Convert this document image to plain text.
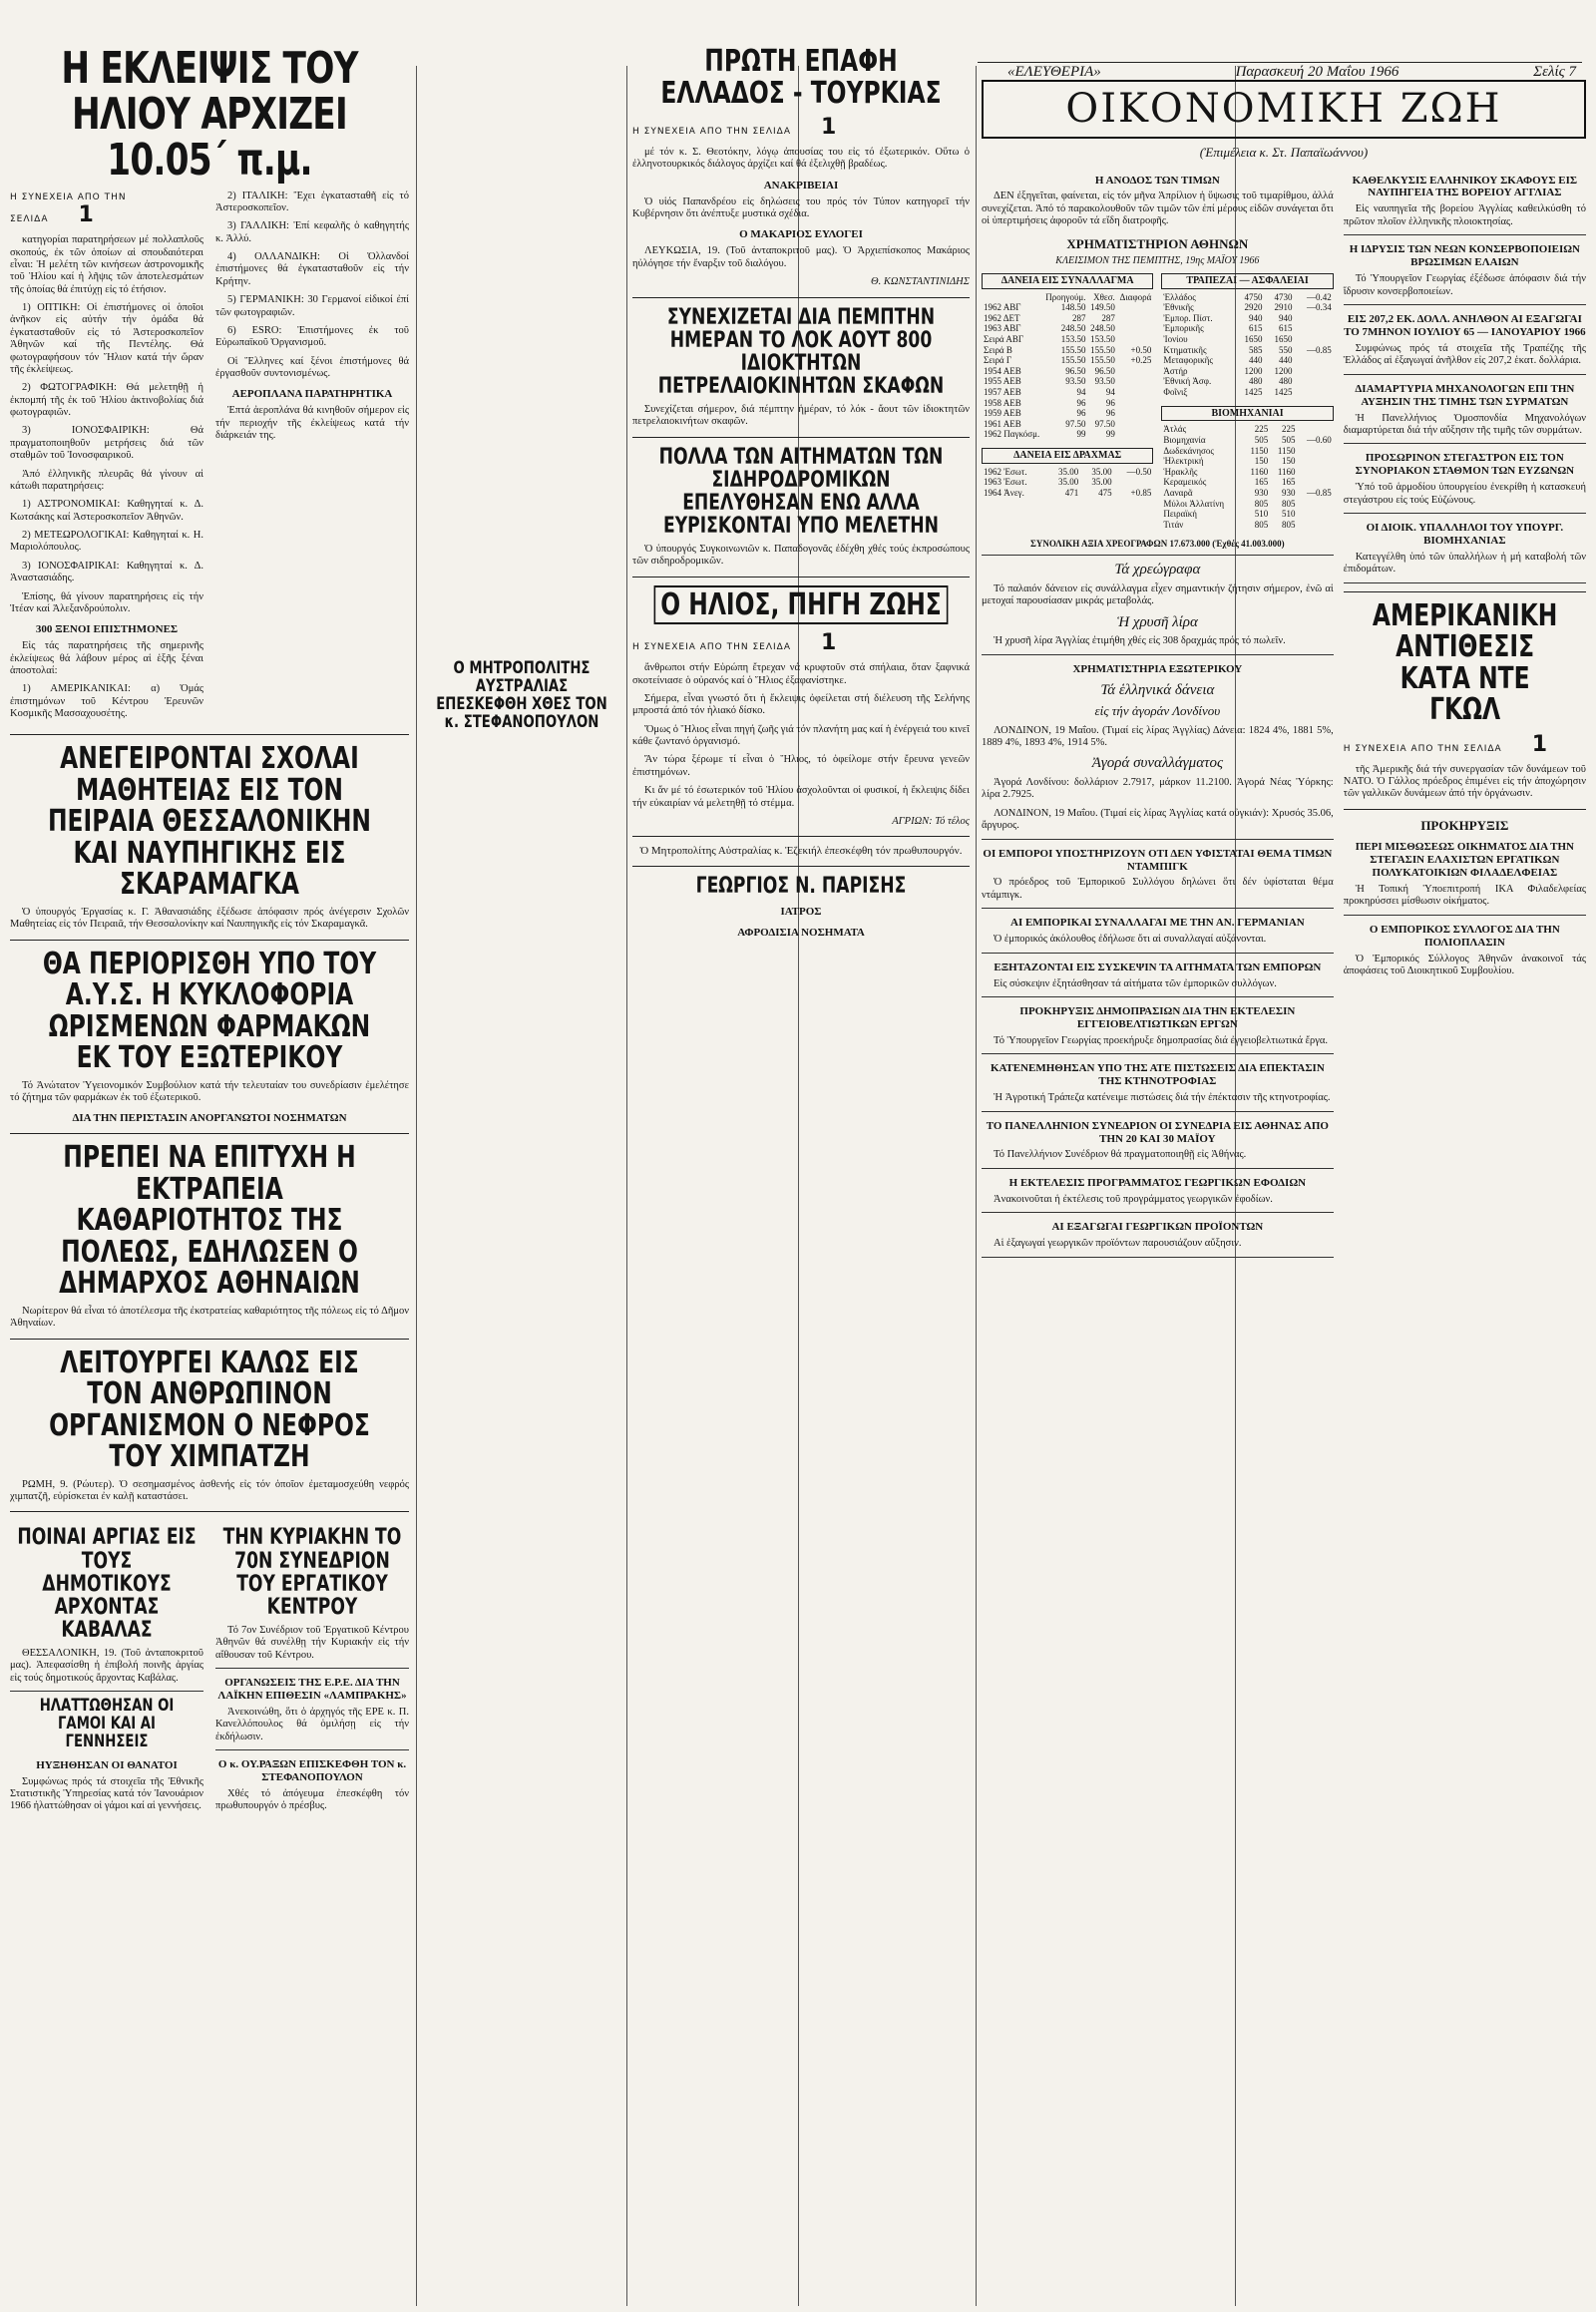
«ΕΛΕΥΘΕΡΙΑ»	Παρασκευή 20 Μαΐου 1966	Σελίς 7
Η ΕΚΛΕΙΨΙΣ ΤΟΥ ΗΛΙΟΥ ΑΡΧΙΖΕΙ 10.05΄ π.μ.
Η ΣΥΝΕΧΕΙΑ ΑΠΟ ΤΗΝ ΣΕΛΙΔΑ 1

κατηγορίαι παρατηρήσεων μέ πολλαπλοῦς σκοπούς, ἐκ τῶν ὁποίων αἱ σπουδαιότεραι εἶναι: Ἡ μελέτη τῶν κινήσεων ἀστρονομικῆς τοῦ Ἡλίου καί ἡ λῆψις τῶν ἀποτελεσμάτων τῆς ὁποίας θά ἐπιτύχῃ εἰς τό ἐτήσιον.

1) ΟΠΤΙΚΗ: Οἱ ἐπιστήμονες οἱ ὁποῖοι ἀνῆκον εἰς αὐτήν τήν ὁμάδα θά ἐγκατασταθοῦν εἰς τό Ἀστεροσκοπεῖον Ἀθηνῶν καί τῆς Πεντέλης. Θά φωτογραφήσουν τόν Ἥλιον κατά τήν ὥραν τῆς ἐκλείψεως.

2) ΦΩΤΟΓΡΑΦΙΚΗ: Θά μελετηθῇ ἡ ἐκπομπή τῆς ἐκ τοῦ Ἡλίου ἀκτινοβολίας διά φωτογραφιῶν.

3) ΙΟΝΟΣΦΑΙΡΙΚΗ: Θά πραγματοποιηθοῦν μετρήσεις διά τῶν σταθμῶν τοῦ Ἰονοσφαιρικοῦ.

Ἀπό ἐλληνικῆς πλευρᾶς θά γίνουν αἱ κάτωθι παρατηρήσεις:

1) ΑΣΤΡΟΝΟΜΙΚΑΙ: Καθηγηταί κ. Δ. Κωτσάκης καί Ἀστεροσκοπεῖον Ἀθηνῶν.

2) ΜΕΤΕΩΡΟΛΟΓΙΚΑΙ: Καθηγηταί κ. Η. Μαριολόπουλος.

3) ΙΟΝΟΣΦΑΙΡΙΚΑΙ: Καθηγηταί κ. Δ. Ἀναστασιάδης.

Ἐπίσης, θά γίνουν παρατηρήσεις εἰς τήν Ἰτέαν καί Ἀλεξανδρούπολιν.

300 ΞΕΝΟΙ ΕΠΙΣΤΗΜΟΝΕΣ

Εἰς τάς παρατηρήσεις τῆς σημερινῆς ἐκλείψεως θά λάβουν μέρος αἱ ἑξῆς ξέναι ἀποστολαί:

1) ΑΜΕΡΙΚΑΝΙΚΑΙ: α) Ὁμάς ἐπιστημόνων τοῦ Κέντρου Ἐρευνῶν Κοσμικῆς Μασσαχουσέτης.

2) ΙΤΑΛΙΚΗ: Ἔχει ἐγκατασταθῆ εἰς τό Ἀστεροσκοπεῖον.

3) ΓΑΛΛΙΚΗ: Ἐπί κεφαλῆς ὁ καθηγητής κ. Ἀλλύ.

4) ΟΛΛΑΝΔΙΚΗ: Οἱ Ὁλλανδοί ἐπιστήμονες θά ἐγκατασταθοῦν εἰς τήν Κρήτην.

5) ΓΕΡΜΑΝΙΚΗ: 30 Γερμανοί εἰδικοί ἐπί τῶν φωτογραφιῶν.

6) ESRO: Ἐπιστήμονες ἐκ τοῦ Εὐρωπαϊκοῦ Ὀργανισμοῦ.

Οἱ Ἕλληνες καί ξένοι ἐπιστήμονες θά ἐργασθοῦν συντονισμένως.

ΑΕΡΟΠΛΑΝΑ ΠΑΡΑΤΗΡΗΤΙΚΑ

Ἐπτά ἀεροπλάνα θά κινηθοῦν σήμερον εἰς τήν περιοχήν τῆς ἐκλείψεως κατά τήν διάρκειάν της.

ΑΝΕΓΕΙΡΟΝΤΑΙ ΣΧΟΛΑΙ ΜΑΘΗΤΕΙΑΣ ΕΙΣ ΤΟΝ ΠΕΙΡΑΙΑ ΘΕΣΣΑΛΟΝΙΚΗΝ ΚΑΙ ΝΑΥΠΗΓΙΚΗΣ ΕΙΣ ΣΚΑΡΑΜΑΓΚΑ

Ὁ ὑπουργός Ἐργασίας κ. Γ. Ἀθανασιάδης ἐξέδωσε ἀπόφασιν πρός ἀνέγερσιν Σχολῶν Μαθητείας εἰς τόν Πειραιᾶ, τήν Θεσσαλονίκην καί Ναυπηγικῆς εἰς τόν Σκαραμαγκᾶ.

ΘΑ ΠΕΡΙΟΡΙΣΘΗ ΥΠΟ ΤΟΥ Α.Υ.Σ. Η ΚΥΚΛΟΦΟΡΙΑ ΩΡΙΣΜΕΝΩΝ ΦΑΡΜΑΚΩΝ ΕΚ ΤΟΥ ΕΞΩΤΕΡΙΚΟΥ

Τό Ἀνώτατον Ὑγειονομικόν Συμβούλιον κατά τήν τελευταίαν του συνεδρίασιν ἐμελέτησε τό ζήτημα τῶν φαρμάκων ἐκ τοῦ ἐξωτερικοῦ.

ΔΙΑ ΤΗΝ ΠΕΡΙΣΤΑΣΙΝ ΑΝΟΡΓΑΝΩΤΟΙ ΝΟΣΗΜΑΤΩΝ
ΠΡΕΠΕΙ ΝΑ ΕΠΙΤΥΧΗ Η ΕΚΤΡΑΠΕΙΑ ΚΑΘΑΡΙΟΤΗΤΟΣ ΤΗΣ ΠΟΛΕΩΣ, ΕΔΗΛΩΣΕΝ Ο ΔΗΜΑΡΧΟΣ ΑΘΗΝΑΙΩΝ

Νωρίτερον θά εἶναι τό ἀποτέλεσμα τῆς ἐκστρατείας καθαριότητος τῆς πόλεως εἰς τό Δῆμον Ἀθηναίων.

ΛΕΙΤΟΥΡΓΕΙ ΚΑΛΩΣ ΕΙΣ ΤΟΝ ΑΝΘΡΩΠΙΝΟΝ ΟΡΓΑΝΙΣΜΟΝ Ο ΝΕΦΡΟΣ ΤΟΥ ΧΙΜΠΑΤΖΗ

ΡΩΜΗ, 9. (Ρώυτερ). Ὁ σεσημασμένος ἀσθενής εἰς τόν ὁποῖον ἐμεταμοσχεύθη νεφρός χιμπατζῆ, εὑρίσκεται ἐν καλῇ καταστάσει.

ΠΟΙΝΑΙ ΑΡΓΙΑΣ ΕΙΣ ΤΟΥΣ ΔΗΜΟΤΙΚΟΥΣ ΑΡΧΟΝΤΑΣ ΚΑΒΑΛΑΣ

ΘΕΣΣΑΛΟΝΙΚΗ, 19. (Τοῦ ἀνταποκριτοῦ μας). Ἀπεφασίσθη ἡ ἐπιβολή ποινῆς ἀργίας εἰς τούς δημοτικούς ἄρχοντας Καβάλας.

ΗΛΑΤΤΩΘΗΣΑΝ ΟΙ ΓΑΜΟΙ ΚΑΙ ΑΙ ΓΕΝΝΗΣΕΙΣ
ΗΥΞΗΘΗΣΑΝ ΟΙ ΘΑΝΑΤΟΙ

Συμφώνως πρός τά στοιχεῖα τῆς Ἐθνικῆς Στατιστικῆς Ὑπηρεσίας κατά τόν Ἰανουάριον 1966 ἠλαττώθησαν οἱ γάμοι καί αἱ γεννήσεις.

ΤΗΝ ΚΥΡΙΑΚΗΝ ΤΟ 70Ν ΣΥΝΕΔΡΙΟΝ ΤΟΥ ΕΡΓΑΤΙΚΟΥ ΚΕΝΤΡΟΥ

Τό 7ον Συνέδριον τοῦ Ἐργατικοῦ Κέντρου Ἀθηνῶν θά συνέλθῃ τήν Κυριακήν εἰς τήν αἴθουσαν τοῦ Κέντρου.

ΟΡΓΑΝΩΣΕΙΣ ΤΗΣ Ε.Ρ.Ε. ΔΙΑ ΤΗΝ ΛΑΪΚΗΝ ΕΠΙΘΕΣΙΝ «ΛΑΜΠΡΑΚΗΣ»

Ἀνεκοινώθη, ὅτι ὁ ἀρχηγός τῆς ΕΡΕ κ. Π. Κανελλόπουλος θά ὁμιλήσῃ εἰς τήν ἐκδήλωσιν.

Ο κ. ΟΥ.ΡΑΞΩΝ ΕΠΙΣΚΕΦΘΗ ΤΟΝ κ. ΣΤΕΦΑΝΟΠΟΥΛΟΝ

Χθές τό ἀπόγευμα ἐπεσκέφθη τόν πρωθυπουργόν ὁ πρέσβυς.

Ο ΜΗΤΡΟΠΟΛΙΤΗΣ ΑΥΣΤΡΑΛΙΑΣ ΕΠΕΣΚΕΦΘΗ ΧΘΕΣ ΤΟΝ κ. ΣΤΕΦΑΝΟΠΟΥΛΟΝ
ΠΡΩΤΗ ΕΠΑΦΗ ΕΛΛΑΔΟΣ - ΤΟΥΡΚΙΑΣ
Η ΣΥΝΕΧΕΙΑ ΑΠΟ ΤΗΝ ΣΕΛΙΔΑ 1

μέ τόν κ. Σ. Θεοτόκην, λόγῳ ἀπουσίας του εἰς τό ἐξωτερικόν. Οὕτω ὁ ἐλληνοτουρκικός διάλογος ἀρχίζει καί θά ἐξελιχθῇ βραδέως.

ΑΝΑΚΡΙΒΕΙΑΙ

Ὁ υἱός Παπανδρέου εἰς δηλώσεις του πρός τόν Τύπον κατηγορεῖ τήν Κυβέρνησιν ὅτι ἀνέπτυξε μυστικά σχέδια.

Ο ΜΑΚΑΡΙΟΣ ΕΥΛΟΓΕΙ

ΛΕΥΚΩΣΙΑ, 19. (Τοῦ ἀνταποκριτοῦ μας). Ὁ Ἀρχιεπίσκοπος Μακάριος ηὐλόγησε τήν ἔναρξιν τοῦ διαλόγου.

Θ. ΚΩΝΣΤΑΝΤΙΝΙΔΗΣ
ΣΥΝΕΧΙΖΕΤΑΙ ΔΙΑ ΠΕΜΠΤΗΝ ΗΜΕΡΑΝ ΤΟ ΛΟΚ ΑΟΥΤ 800 ΙΔΙΟΚΤΗΤΩΝ ΠΕΤΡΕΛΑΙΟΚΙΝΗΤΩΝ ΣΚΑΦΩΝ

Συνεχίζεται σήμερον, διά πέμπτην ἡμέραν, τό λόκ - ἄουτ τῶν ἰδιοκτητῶν πετρελαιοκινήτων σκαφῶν.

ΠΟΛΛΑ ΤΩΝ ΑΙΤΗΜΑΤΩΝ ΤΩΝ ΣΙΔΗΡΟΔΡΟΜΙΚΩΝ ΕΠΕΛΥΘΗΣΑΝ ΕΝΩ ΑΛΛΑ ΕΥΡΙΣΚΟΝΤΑΙ ΥΠΟ ΜΕΛΕΤΗΝ

Ὁ ὑπουργός Συγκοινωνιῶν κ. Παπαδογονᾶς ἐδέχθη χθές τούς ἐκπροσώπους τῶν σιδηροδρομικῶν.

Ο ΗΛΙΟΣ, ΠΗΓΗ ΖΩΗΣ
Η ΣΥΝΕΧΕΙΑ ΑΠΟ ΤΗΝ ΣΕΛΙΔΑ 1

ἄνθρωποι στήν Εὐρώπη ἔτρεχαν νά κρυφτοῦν στά σπήλαια, ὅταν ξαφνικά σκοτείνιασε ὁ οὐρανός καί ὁ Ἥλιος ἐξαφανίστηκε.

Σήμερα, εἶναι γνωστό ὅτι ἡ ἔκλειψις ὀφείλεται στή διέλευση τῆς Σελήνης μπροστά ἀπό τόν ἡλιακό δίσκο.

Ὅμως ὁ Ἥλιος εἶναι πηγή ζωῆς γιά τόν πλανήτη μας καί ἡ ἐνέργειά του κινεῖ κάθε ζωντανό ὀργανισμό.

Ἄν τώρα ξέρωμε τί εἶναι ὁ Ἥλιος, τό ὀφείλομε στήν ἔρευνα γενεῶν ἐπιστημόνων.

Κι ἄν μέ τό ἐσωτερικόν τοῦ Ἡλίου ἀσχολοῦνται οἱ φυσικοί, ἡ ἔκλειψις δίδει τήν εὐκαιρίαν νά μελετηθῇ τό στέμμα.

ΑΓΡΙΩΝ: Τό τέλος
Ὁ Μητροπολίτης Αὐστραλίας κ. Ἐζεκιήλ ἐπεσκέφθη τόν πρωθυπουργόν.
ΓΕΩΡΓΙΟΣ Ν. ΠΑΡΙΣΗΣ
ΙΑΤΡΟΣ
ΑΦΡΟΔΙΣΙΑ ΝΟΣΗΜΑΤΑ
ΟΙΚΟΝΟΜΙΚΗ ΖΩΗ
(Ἐπιμέλεια κ. Στ. Παπαϊωάννου)
Η ΑΝΟΔΟΣ ΤΩΝ ΤΙΜΩΝ

ΔΕΝ ἐξηγεῖται, φαίνεται, εἰς τόν μῆνα Ἀπρίλιον ἡ ὕψωσις τοῦ τιμαρίθμου, ἀλλά συνεχίζεται. Ἀπό τό παρακολουθοῦν τῶν τιμῶν τῶν ἐπί μέρους εἰδῶν συνάγεται ὅτι οἱ ὑπερτιμήσεις ἀφοροῦν τά εἴδη διατροφῆς.

ΧΡΗΜΑΤΙΣΤΗΡΙΟΝ ΑΘΗΝΩΝ
ΚΛΕΙΣΙΜΟΝ ΤΗΣ ΠΕΜΠΤΗΣ, 19ης ΜΑΪΟΥ 1966
ΔΑΝΕΙΑ ΕΙΣ ΣΥΝΑΛΛΑΓΜΑ
	Προηγούμ.	Χθεσ.	Διαφορά
1962 ΑΒΓ	148.50	149.50	
1962 ΔΕΤ	287	287	
1963 ΑΒΓ	248.50	248.50	
Σειρά ΑΒΓ	153.50	153.50	
Σειρά Β	155.50	155.50	+0.50
Σειρά Γ	155.50	155.50	+0.25
1954 ΑΕΒ	96.50	96.50	
1955 ΑΕΒ	93.50	93.50	
1957 ΑΕΒ	94	94	
1958 ΑΕΒ	96	96	
1959 ΑΕΒ	96	96	
1961 ΑΕΒ	97.50	97.50	
1962 Παγκόσμ.	99	99	
ΔΑΝΕΙΑ ΕΙΣ ΔΡΑΧΜΑΣ
1962 Ἐσωτ.	35.00	35.00	—0.50
1963 Ἐσωτ.	35.00	35.00	
1964 Ἀνεγ.	471	475	+0.85
ΤΡΑΠΕΖΑΙ — ΑΣΦΑΛΕΙΑΙ
Ἑλλάδος	4750	4730	—0.42
Ἐθνικῆς	2920	2910	—0.34
Ἐμπορ. Πίστ.	940	940	
Ἐμπορικῆς	615	615	
Ἰονίου	1650	1650	
Κτηματικῆς	585	550	—0.85
Μεταφορικῆς	440	440	
Ἀστήρ	1200	1200	
Ἐθνική Ἀσφ.	480	480	
Φοῖνιξ	1425	1425	
ΒΙΟΜΗΧΑΝΙΑΙ
Ἀτλάς	225	225	
Βιομηχανία	505	505	—0.60
Δωδεκάνησος	1150	1150	
Ἠλεκτρική	150	150	
Ἡρακλῆς	1160	1160	
Κεραμεικός	165	165	
Λαναρᾶ	930	930	—0.85
Μύλοι Ἀλλατίνη	805	805	
Πειραϊκή	510	510	
Τιτάν	805	805	
ΣΥΝΟΛΙΚΗ ΑΞΙΑ ΧΡΕΟΓΡΑΦΩΝ 17.673.000 (Ἐχθές 41.003.000)
Τά χρεώγραφα

Τό παλαιόν δάνειον εἰς συνάλλαγμα εἶχεν σημαντικήν ζήτησιν σήμερον, ἐνῶ αἱ μετοχαί παρουσίασαν μικράς μεταβολάς.

Ἡ χρυσῆ λίρα

Ἡ χρυσῆ λίρα Ἀγγλίας ἐτιμήθη χθές εἰς 308 δραχμάς πρός τό πωλεῖν.

ΧΡΗΜΑΤΙΣΤΗΡΙΑ ΕΞΩΤΕΡΙΚΟΥ
Τά ἑλληνικά δάνεια
εἰς τήν ἀγοράν Λονδίνου

ΛΟΝΔΙΝΟΝ, 19 Μαΐου. (Τιμαί εἰς λίρας Ἀγγλίας) Δάνεια: 1824 4%, 1881 5%, 1889 4%, 1893 4%, 1914 5%.

Ἀγορά συναλλάγματος

Ἀγορά Λονδίνου: δολλάριον 2.7917, μάρκον 11.2100. Ἀγορά Νέας Ὑόρκης: λίρα 2.7925.

ΛΟΝΔΙΝΟΝ, 19 Μαΐου. (Τιμαί εἰς λίρας Ἀγγλίας κατά οὐγκιάν): Χρυσός 35.06, ἄργυρος.

ΟΙ ΕΜΠΟΡΟΙ ΥΠΟΣΤΗΡΙΖΟΥΝ ΟΤΙ ΔΕΝ ΥΦΙΣΤΑΤΑΙ ΘΕΜΑ ΤΙΜΩΝ ΝΤΑΜΠΙΓΚ

Ὁ πρόεδρος τοῦ Ἐμπορικοῦ Συλλόγου δηλώνει ὅτι δέν ὑφίσταται θέμα ντάμπιγκ.

ΑΙ ΕΜΠΟΡΙΚΑΙ ΣΥΝΑΛΛΑΓΑΙ ΜΕ ΤΗΝ ΑΝ. ΓΕΡΜΑΝΙΑΝ

Ὁ ἐμπορικός ἀκόλουθος ἐδήλωσε ὅτι αἱ συναλλαγαί αὐξάνονται.

ΕΞΗΤΑΖΟΝΤΑΙ ΕΙΣ ΣΥΣΚΕΨΙΝ ΤΑ ΑΙΤΗΜΑΤΑ ΤΩΝ ΕΜΠΟΡΩΝ

Εἰς σύσκεψιν ἐξητάσθησαν τά αἰτήματα τῶν ἐμπορικῶν συλλόγων.

ΠΡΟΚΗΡΥΞΙΣ ΔΗΜΟΠΡΑΣΙΩΝ ΔΙΑ ΤΗΝ ΕΚΤΕΛΕΣΙΝ ΕΓΓΕΙΟΒΕΛΤΙΩΤΙΚΩΝ ΕΡΓΩΝ

Τό Ὑπουργεῖον Γεωργίας προεκήρυξε δημοπρασίας διά ἐγγειοβελτιωτικά ἔργα.

ΚΑΤΕΝΕΜΗΘΗΣΑΝ ΥΠΟ ΤΗΣ ΑΤΕ ΠΙΣΤΩΣΕΙΣ ΔΙΑ ΕΠΕΚΤΑΣΙΝ ΤΗΣ ΚΤΗΝΟΤΡΟΦΙΑΣ

Ἡ Ἀγροτική Τράπεζα κατένειμε πιστώσεις διά τήν ἐπέκτασιν τῆς κτηνοτροφίας.

ΤΟ ΠΑΝΕΛΛΗΝΙΟΝ ΣΥΝΕΔΡΙΟΝ ΟΙ ΣΥΝΕΔΡΙΑ ΕΙΣ ΑΘΗΝΑΣ ΑΠΟ ΤΗΝ 20 ΚΑΙ 30 ΜΑΪΟΥ

Τό Πανελλήνιον Συνέδριον θά πραγματοποιηθῇ εἰς Ἀθήνας.

Η ΕΚΤΕΛΕΣΙΣ ΠΡΟΓΡΑΜΜΑΤΟΣ ΓΕΩΡΓΙΚΩΝ ΕΦΟΔΙΩΝ

Ἀνακοινοῦται ἡ ἐκτέλεσις τοῦ προγράμματος γεωργικῶν ἐφοδίων.

ΑΙ ΕΞΑΓΩΓΑΙ ΓΕΩΡΓΙΚΩΝ ΠΡΟΪΟΝΤΩΝ

Αἱ ἐξαγωγαί γεωργικῶν προϊόντων παρουσιάζουν αὔξησιν.

ΚΑΘΕΛΚΥΣΙΣ ΕΛΛΗΝΙΚΟΥ ΣΚΑΦΟΥΣ ΕΙΣ ΝΑΥΠΗΓΕΙΑ ΤΗΣ ΒΟΡΕΙΟΥ ΑΓΓΛΙΑΣ

Εἰς ναυπηγεῖα τῆς βορείου Ἀγγλίας καθειλκύσθη τό πρῶτον πλοῖον ἑλληνικῆς πλοιοκτησίας.

Η ΙΔΡΥΣΙΣ ΤΩΝ ΝΕΩΝ ΚΟΝΣΕΡΒΟΠΟΙΕΙΩΝ ΒΡΩΣΙΜΩΝ ΕΛΑΙΩΝ

Τό Ὑπουργεῖον Γεωργίας ἐξέδωσε ἀπόφασιν διά τήν ἵδρυσιν κονσερβοποιείων.

ΕΙΣ 207,2 ΕΚ. ΔΟΛΛ. ΑΝΗΛΘΟΝ ΑΙ ΕΞΑΓΩΓΑΙ ΤΟ 7ΜΗΝΟΝ ΙΟΥΛΙΟΥ 65 — ΙΑΝΟΥΑΡΙΟΥ 1966

Συμφώνως πρός τά στοιχεῖα τῆς Τραπέζης τῆς Ἑλλάδος αἱ ἐξαγωγαί ἀνῆλθον εἰς 207,2 ἑκατ. δολλάρια.

ΔΙΑΜΑΡΤΥΡΙΑ ΜΗΧΑΝΟΛΟΓΩΝ ΕΠΙ ΤΗΝ ΑΥΞΗΣΙΝ ΤΗΣ ΤΙΜΗΣ ΤΩΝ ΣΥΡΜΑΤΩΝ

Ἡ Πανελλήνιος Ὁμοσπονδία Μηχανολόγων διαμαρτύρεται διά τήν αὔξησιν τῆς τιμῆς τῶν συρμάτων.

ΠΡΟΣΩΡΙΝΟΝ ΣΤΕΓΑΣΤΡΟΝ ΕΙΣ ΤΟΝ ΣΥΝΟΡΙΑΚΟΝ ΣΤΑΘΜΟΝ ΤΩΝ ΕΥΖΩΝΩΝ

Ὑπό τοῦ ἁρμοδίου ὑπουργείου ἐνεκρίθη ἡ κατασκευή στεγάστρου εἰς τούς Εὐζώνους.

ΟΙ ΔΙΟΙΚ. ΥΠΑΛΛΗΛΟΙ ΤΟΥ ΥΠΟΥΡΓ. ΒΙΟΜΗΧΑΝΙΑΣ

Κατεγγέλθη ὑπό τῶν ὑπαλλήλων ἡ μή καταβολή τῶν ἐπιδομάτων.

ΑΜΕΡΙΚΑΝΙΚΗ ΑΝΤΙΘΕΣΙΣ ΚΑΤΑ ΝΤΕ ΓΚΩΛ
Η ΣΥΝΕΧΕΙΑ ΑΠΟ ΤΗΝ ΣΕΛΙΔΑ 1

τῆς Ἀμερικῆς διά τήν συνεργασίαν τῶν δυνάμεων τοῦ ΝΑΤΟ. Ὁ Γάλλος πρόεδρος ἐπιμένει εἰς τήν ἀποχώρησιν τῶν γαλλικῶν δυνάμεων ἀπό τήν ὀργάνωσιν.

ΠΡΟΚΗΡΥΞΙΣ
ΠΕΡΙ ΜΙΣΘΩΣΕΩΣ ΟΙΚΗΜΑΤΟΣ ΔΙΑ ΤΗΝ ΣΤΕΓΑΣΙΝ ΕΛΑΧΙΣΤΩΝ ΕΡΓΑΤΙΚΩΝ ΠΟΛΥΚΑΤΟΙΚΙΩΝ ΦΙΛΑΔΕΛΦΕΙΑΣ

Ἡ Τοπική Ὑποεπιτροπή ΙΚΑ Φιλαδελφείας προκηρύσσει μίσθωσιν οἰκήματος.

Ο ΕΜΠΟΡΙΚΟΣ ΣΥΛΛΟΓΟΣ ΔΙΑ ΤΗΝ ΠΟΛΙΟΠΛΑΣΙΝ

Ὁ Ἐμπορικός Σύλλογος Ἀθηνῶν ἀνακοινοῖ τάς ἀποφάσεις τοῦ Διοικητικοῦ Συμβουλίου.
